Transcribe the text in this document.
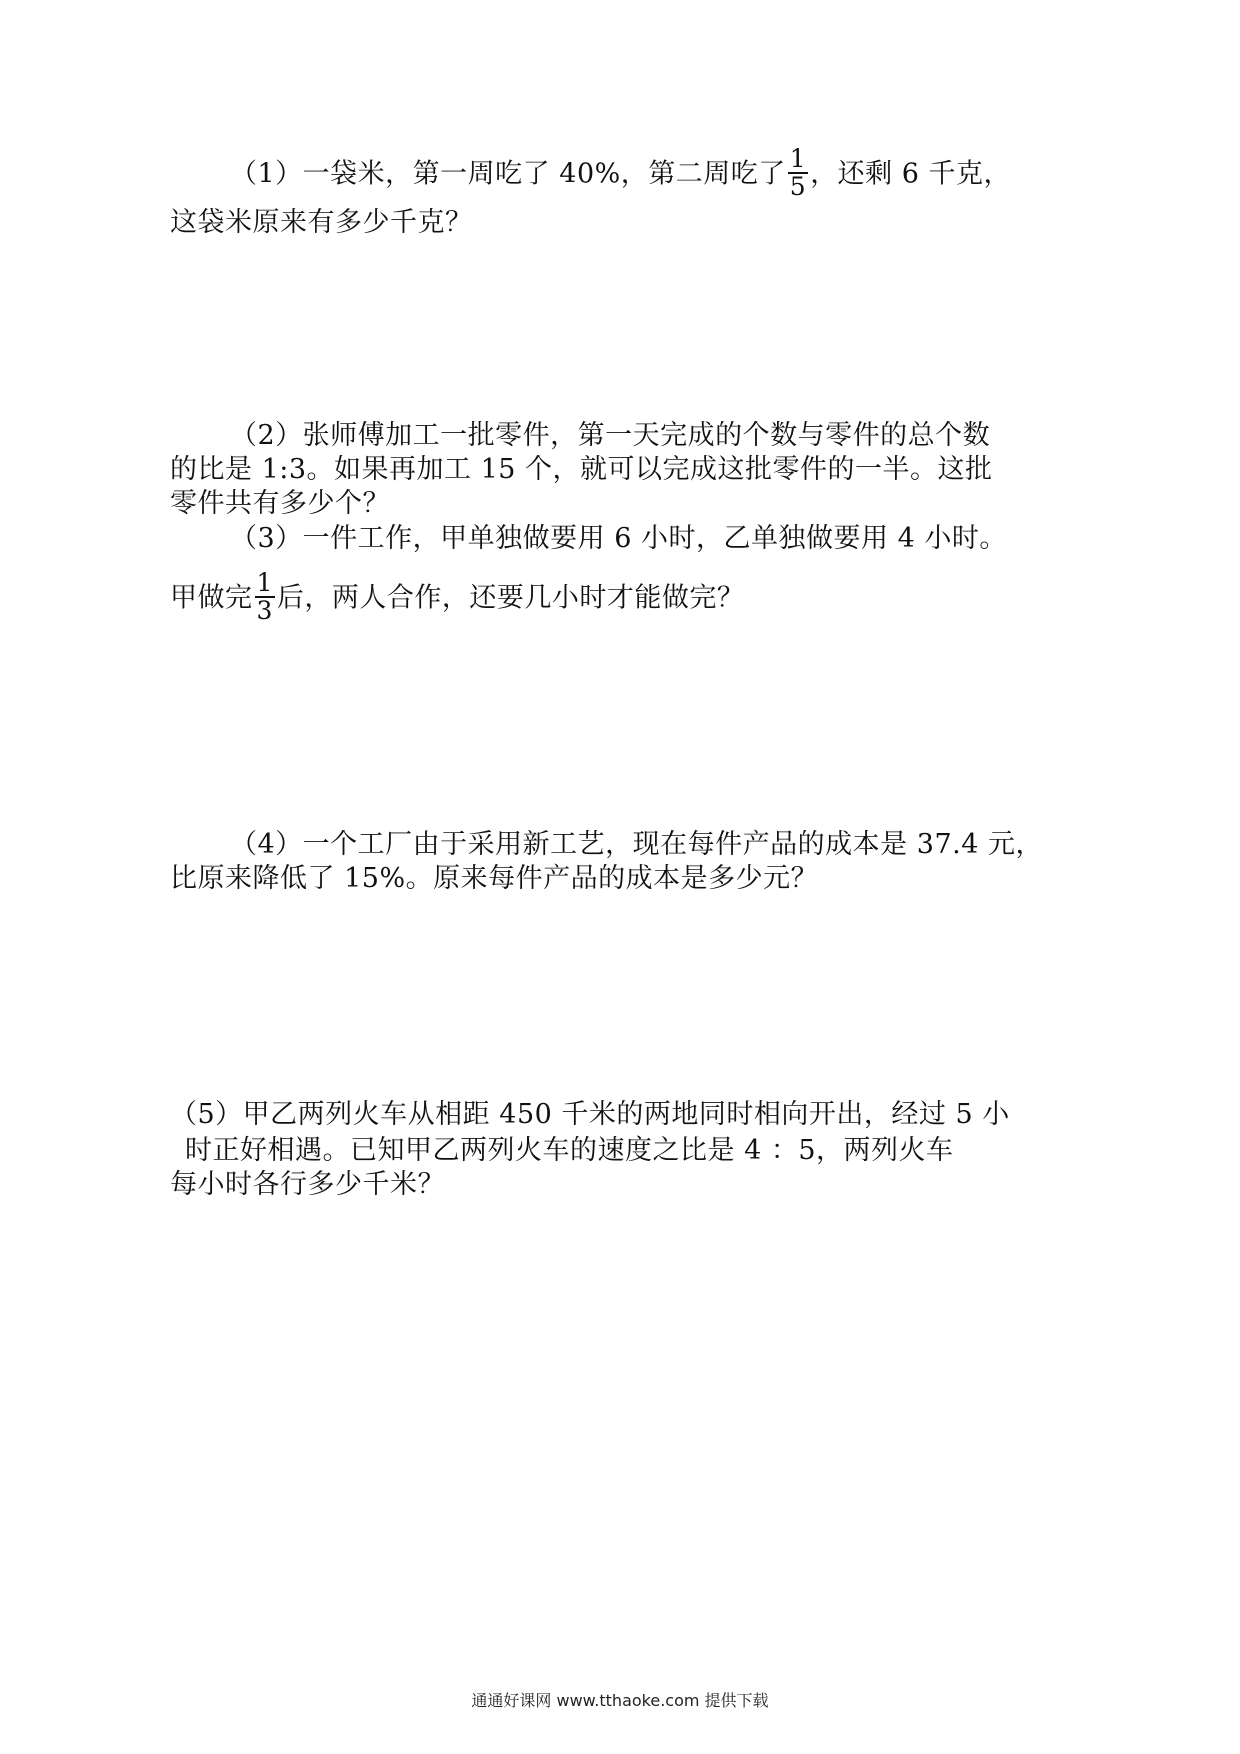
（1）一袋米，第一周吃了 40%，第二周吃了 $\frac{1}{5}$ ，还剩 6 千克，
这袋米原来有多少千克？
（2）张师傅加工一批零件，第一天完成的个数与零件的总个数
的比是 1:3。如果再加工 15 个，就可以完成这批零件的一半。这批
零件共有多少个？
（3）一件工作，甲单独做要用 6 小时，乙单独做要用 4 小时。
甲做完 $\frac{1}{3}$ 后，两人合作，还要几小时才能做完？
（4）一个工厂由于采用新工艺，现在每件产品的成本是 37.4 元，
比原来降低了 15%。原来每件产品的成本是多少元？
（5）甲乙两列火车从相距 450 千米的两地同时相向开出，经过 5 小
时正好相遇。已知甲乙两列火车的速度之比是 4 ：5，两列火车
每小时各行多少千米？
通通好课网 www.tthaoke.com 提供下载
